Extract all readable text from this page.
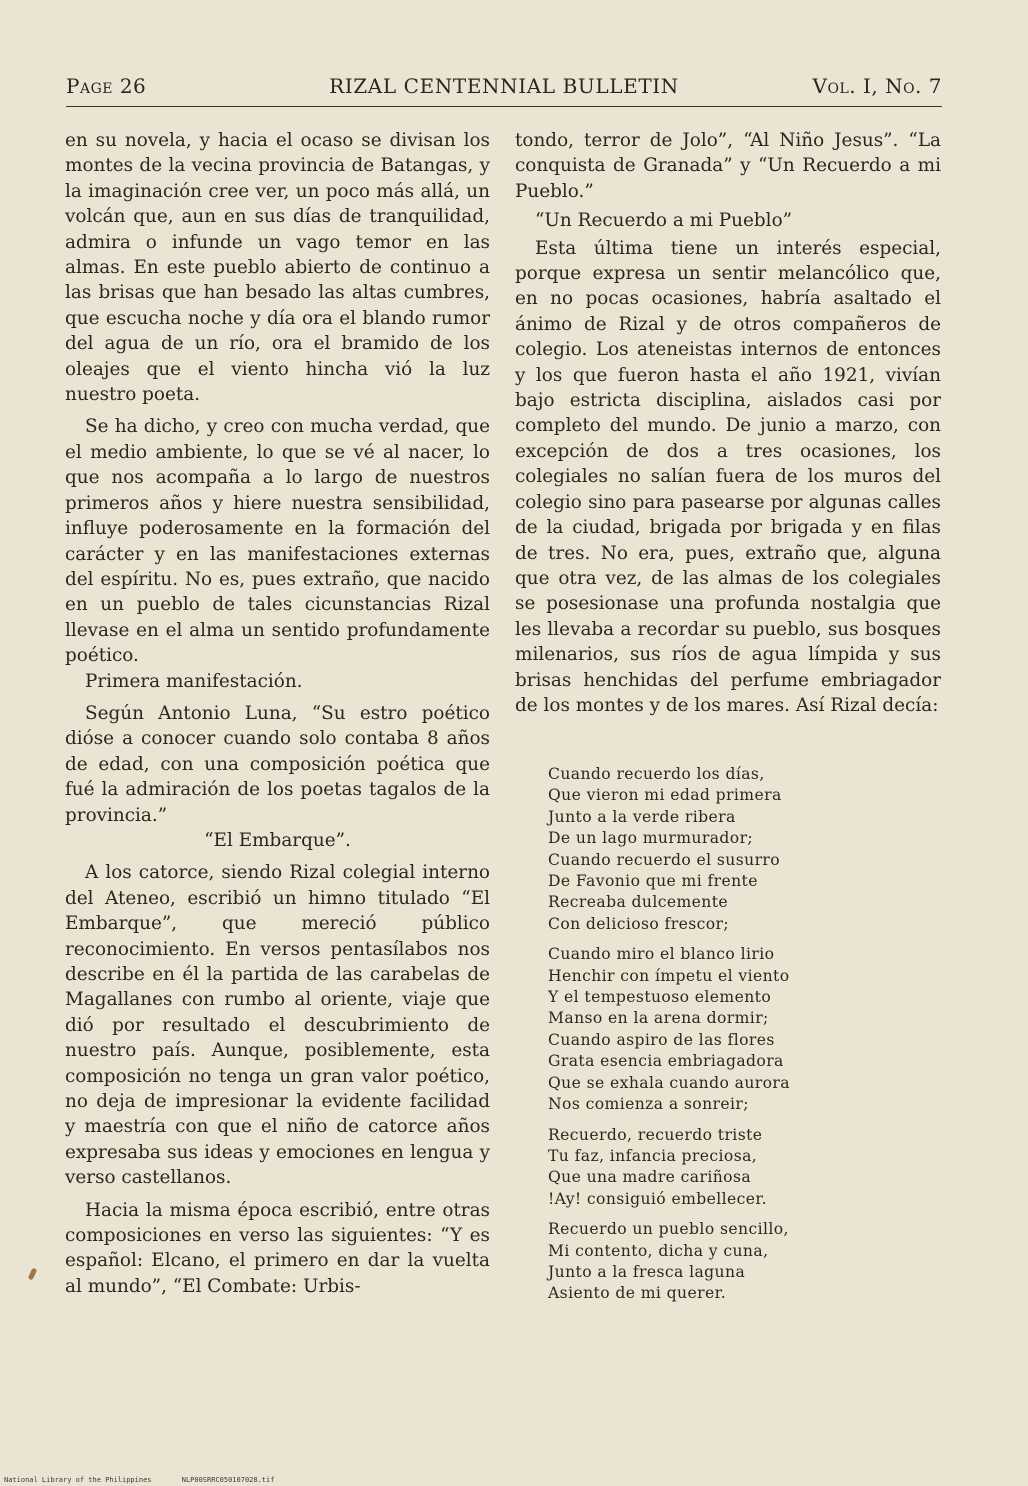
Page 26	RIZAL CENTENNIAL BULLETIN	Vol. I, No. 7

en su novela, y hacia el ocaso se divisan los montes de la vecina provincia de Batangas, y la imaginación cree ver, un poco más allá, un volcán que, aun en sus días de tranquilidad, admira o infunde un vago temor en las almas. En este pueblo abierto de continuo a las brisas que han besado las altas cumbres, que escucha noche y día ora el blando rumor del agua de un río, ora el bramido de los oleajes que el viento hincha vió la luz nuestro poeta.

Se ha dicho, y creo con mucha verdad, que el medio ambiente, lo que se vé al nacer, lo que nos acompaña a lo largo de nuestros primeros años y hiere nuestra sensibilidad, influye poderosamente en la formación del carácter y en las manifestaciones externas del espíritu. No es, pues extraño, que nacido en un pueblo de tales cicunstancias Rizal llevase en el alma un sentido profundamente poético.

Primera manifestación.

Según Antonio Luna, “Su estro poético dióse a conocer cuando solo contaba 8 años de edad, con una composición poética que fué la admiración de los poetas tagalos de la provincia.”

“El Embarque”.

A los catorce, siendo Rizal colegial interno del Ateneo, escribió un himno titulado “El Embarque”, que mereció público reconocimiento. En versos pentasílabos nos describe en él la partida de las carabelas de Magallanes con rumbo al oriente, viaje que dió por resultado el descubrimiento de nuestro país. Aunque, posiblemente, esta composición no tenga un gran valor poético, no deja de impresionar la evidente facilidad y maestría con que el niño de catorce años expresaba sus ideas y emociones en lengua y verso castellanos.

Hacia la misma época escribió, entre otras composiciones en verso las siguientes: “Y es español: Elcano, el primero en dar la vuelta al mundo”, “El Combate: Urbis-

tondo, terror de Jolo”, “Al Niño Jesus”. “La conquista de Granada” y “Un Recuerdo a mi Pueblo.”

“Un Recuerdo a mi Pueblo”

Esta última tiene un interés especial, porque expresa un sentir melancólico que, en no pocas ocasiones, habría asaltado el ánimo de Rizal y de otros compañeros de colegio. Los ateneistas internos de entonces y los que fueron hasta el año 1921, vivían bajo estricta disciplina, aislados casi por completo del mundo. De junio a marzo, con excepción de dos a tres ocasiones, los colegiales no salían fuera de los muros del colegio sino para pasearse por algunas calles de la ciudad, brigada por brigada y en filas de tres. No era, pues, extraño que, alguna que otra vez, de las almas de los colegiales se posesionase una profunda nostalgia que les llevaba a recordar su pueblo, sus bosques milenarios, sus ríos de agua límpida y sus brisas henchidas del perfume embriagador de los montes y de los mares. Así Rizal decía:

Cuando recuerdo los días,
Que vieron mi edad primera
Junto a la verde ribera
De un lago murmurador;
Cuando recuerdo el susurro
De Favonio que mi frente
Recreaba dulcemente
Con delicioso frescor;
Cuando miro el blanco lirio
Henchir con ímpetu el viento
Y el tempestuoso elemento
Manso en la arena dormir;
Cuando aspiro de las flores
Grata esencia embriagadora
Que se exhala cuando aurora
Nos comienza a sonreir;
Recuerdo, recuerdo triste
Tu faz, infancia preciosa,
Que una madre cariñosa
!Ay! consiguió embellecer.
Recuerdo un pueblo sencillo,
Mi contento, dicha y cuna,
Junto a la fresca laguna
Asiento de mi querer.
National Library of the Philippines	NLP00SRRC050107028.tif
